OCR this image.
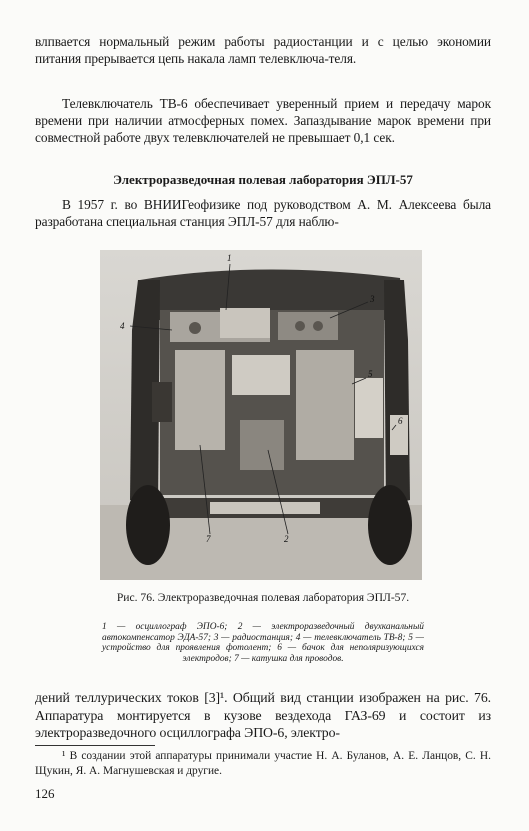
влпвается нормальный режим работы радиостанции и с целью экономии питания прерывается цепь накала ламп телевключа-теля.

Телевключатель ТВ-6 обеспечивает уверенный прием и передачу марок времени при наличии атмосферных помех. Запаздывание марок времени при совместной работе двух телевключателей не превышает 0,1 сек.

Электроразведочная полевая лаборатория ЭПЛ-57

В 1957 г. во ВНИИГеофизике под руководством А. М. Алексеева была разработана специальная станция ЭПЛ-57 для наблю-

1
2
3
4
5
6
7

Рис. 76. Электроразведочная полевая лаборатория ЭПЛ-57.

1 — осциллограф ЭПО-6; 2 — электроразведочный двухканальный автокомпенсатор ЭДА-57; 3 — радиостанция; 4 — телевключатель ТВ-8; 5 — устройство для проявления фотолент; 6 — бачок для неполяризующихся электродов; 7 — катушка для проводов.

дений теллурических токов [3]¹. Общий вид станции изображен на рис. 76. Аппаратура монтируется в кузове вездехода ГАЗ-69 и состоит из электроразведочного осциллографа ЭПО-6, электро-

¹ В создании этой аппаратуры принимали участие Н. А. Буланов, А. Е. Ланцов, С. Н. Щукин, Я. А. Магнушевская и другие.

126
